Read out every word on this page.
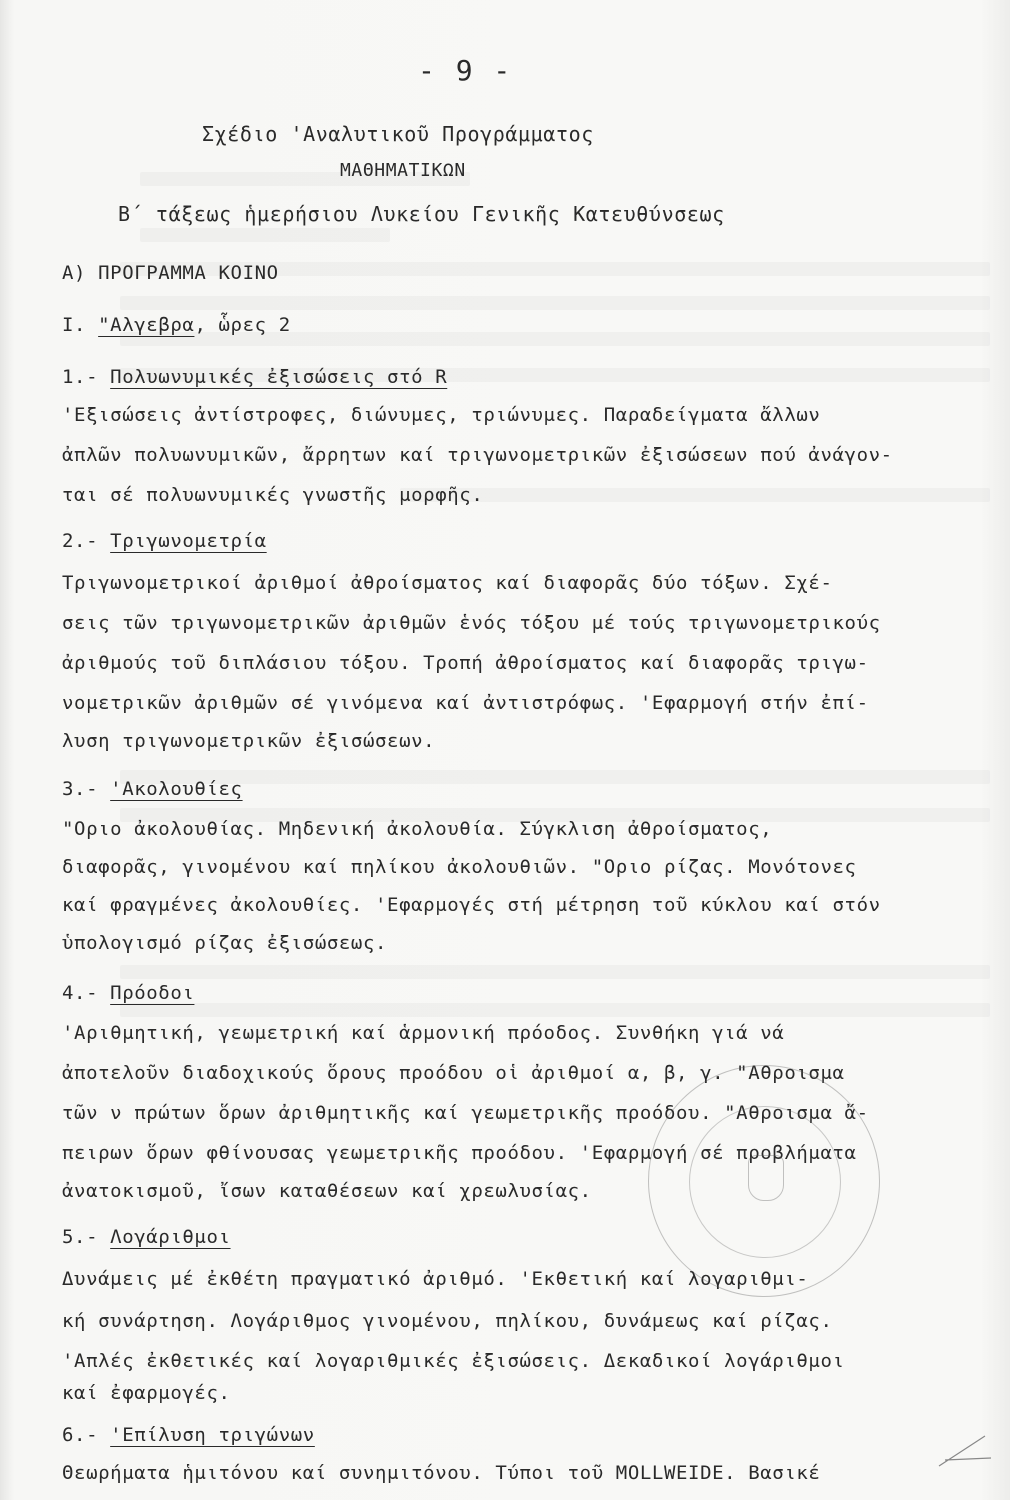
- 9 -
Σχέδιο 'Αναλυτικοῦ Προγράμματος
ΜΑΘΗΜΑΤΙΚΩΝ
Β΄ τάξεως ἡμερήσιου Λυκείου Γενικῆς Κατευθύνσεως
A) ΠΡΟΓΡΑΜΜΑ ΚΟΙΝΟ
I. "Αλγεβρα, ὧρες 2
1.- Πολυωνυμικές ἐξισώσεις στό R
'Εξισώσεις ἀντίστροφες, διώνυμες, τριώνυμες. Παραδείγματα ἄλλων
ἀπλῶν πολυωνυμικῶν, ἄρρητων καί τριγωνομετρικῶν ἐξισώσεων πού ἀνάγον-
ται σέ πολυωνυμικές γνωστῆς μορφῆς.
2.- Τριγωνομετρία
Τριγωνομετρικοί ἀριθμοί ἀθροίσματος καί διαφορᾶς δύο τόξων. Σχέ-
σεις τῶν τριγωνομετρικῶν ἀριθμῶν ἑνός τόξου μέ τούς τριγωνομετρικούς
ἀριθμούς τοῦ διπλάσιου τόξου. Τροπή ἀθροίσματος καί διαφορᾶς τριγω-
νομετρικῶν ἀριθμῶν σέ γινόμενα καί ἀντιστρόφως. 'Εφαρμογή στήν ἐπί-
λυση τριγωνομετρικῶν ἐξισώσεων.
3.- 'Ακολουθίες
"Οριο ἀκολουθίας. Μηδενική ἀκολουθία. Σύγκλιση ἀθροίσματος,
διαφορᾶς, γινομένου καί πηλίκου ἀκολουθιῶν. "Οριο ρίζας. Μονότονες
καί φραγμένες ἀκολουθίες. 'Εφαρμογές στή μέτρηση τοῦ κύκλου καί στόν
ὑπολογισμό ρίζας ἐξισώσεως.
4.- Πρόοδοι
'Αριθμητική, γεωμετρική καί ἁρμονική πρόοδος. Συνθήκη γιά νά
ἀποτελοῦν διαδοχικούς ὅρους προόδου οἱ ἀριθμοί α, β, γ. "Αθροισμα
τῶν ν πρώτων ὅρων ἀριθμητικῆς καί γεωμετρικῆς προόδου. "Αθροισμα ἄ-
πειρων ὅρων φθίνουσας γεωμετρικῆς προόδου. 'Εφαρμογή σέ προβλήματα
ἀνατοκισμοῦ, ἴσων καταθέσεων καί χρεωλυσίας.
5.- Λογάριθμοι
Δυνάμεις μέ ἐκθέτη πραγματικό ἀριθμό. 'Εκθετική καί λογαριθμι-
κή συνάρτηση. Λογάριθμος γινομένου, πηλίκου, δυνάμεως καί ρίζας.
'Απλές ἐκθετικές καί λογαριθμικές ἐξισώσεις. Δεκαδικοί λογάριθμοι
καί ἐφαρμογές.
6.- 'Επίλυση τριγώνων
Θεωρήματα ἡμιτόνου καί συνημιτόνου. Τύποι τοῦ MOLLWEIDE. Βασικέ
